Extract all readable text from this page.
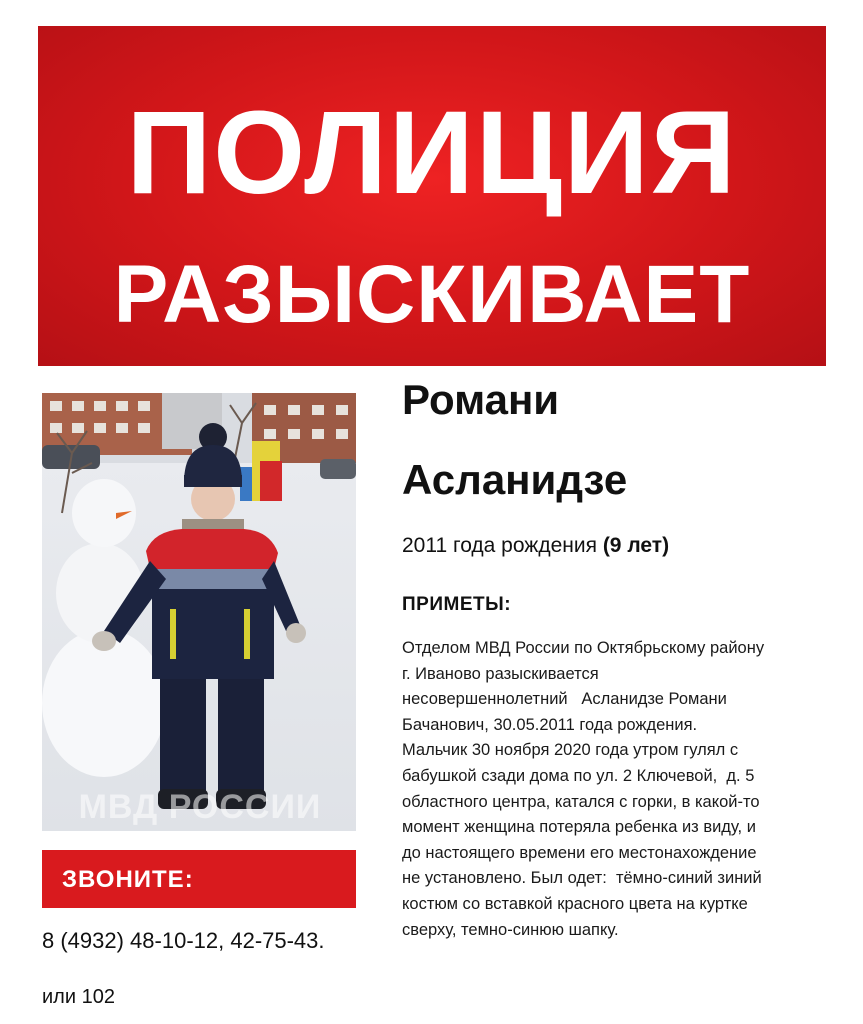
ПОЛИЦИЯ
РАЗЫСКИВАЕТ
МВД РОССИИ
ЗВОНИТЕ:
8 (4932) 48-10-12, 42-75-43.
или 102
Романи
Асланидзе
2011 года рождения (9 лет)
ПРИМЕТЫ:
Отделом МВД России по Октябрьскому району
г. Иваново разыскивается
несовершеннолетний   Асланидзе Романи
Бачанович, 30.05.2011 года рождения.
Мальчик 30 ноября 2020 года утром гулял с
бабушкой сзади дома по ул. 2 Ключевой,  д. 5
областного центра, катался с горки, в какой-то
момент женщина потеряла ребенка из виду, и
до настоящего времени его местонахождение
не установлено. Был одет:  тёмно-синий зиний
костюм со вставкой красного цвета на куртке
сверху, темно-синюю шапку.
